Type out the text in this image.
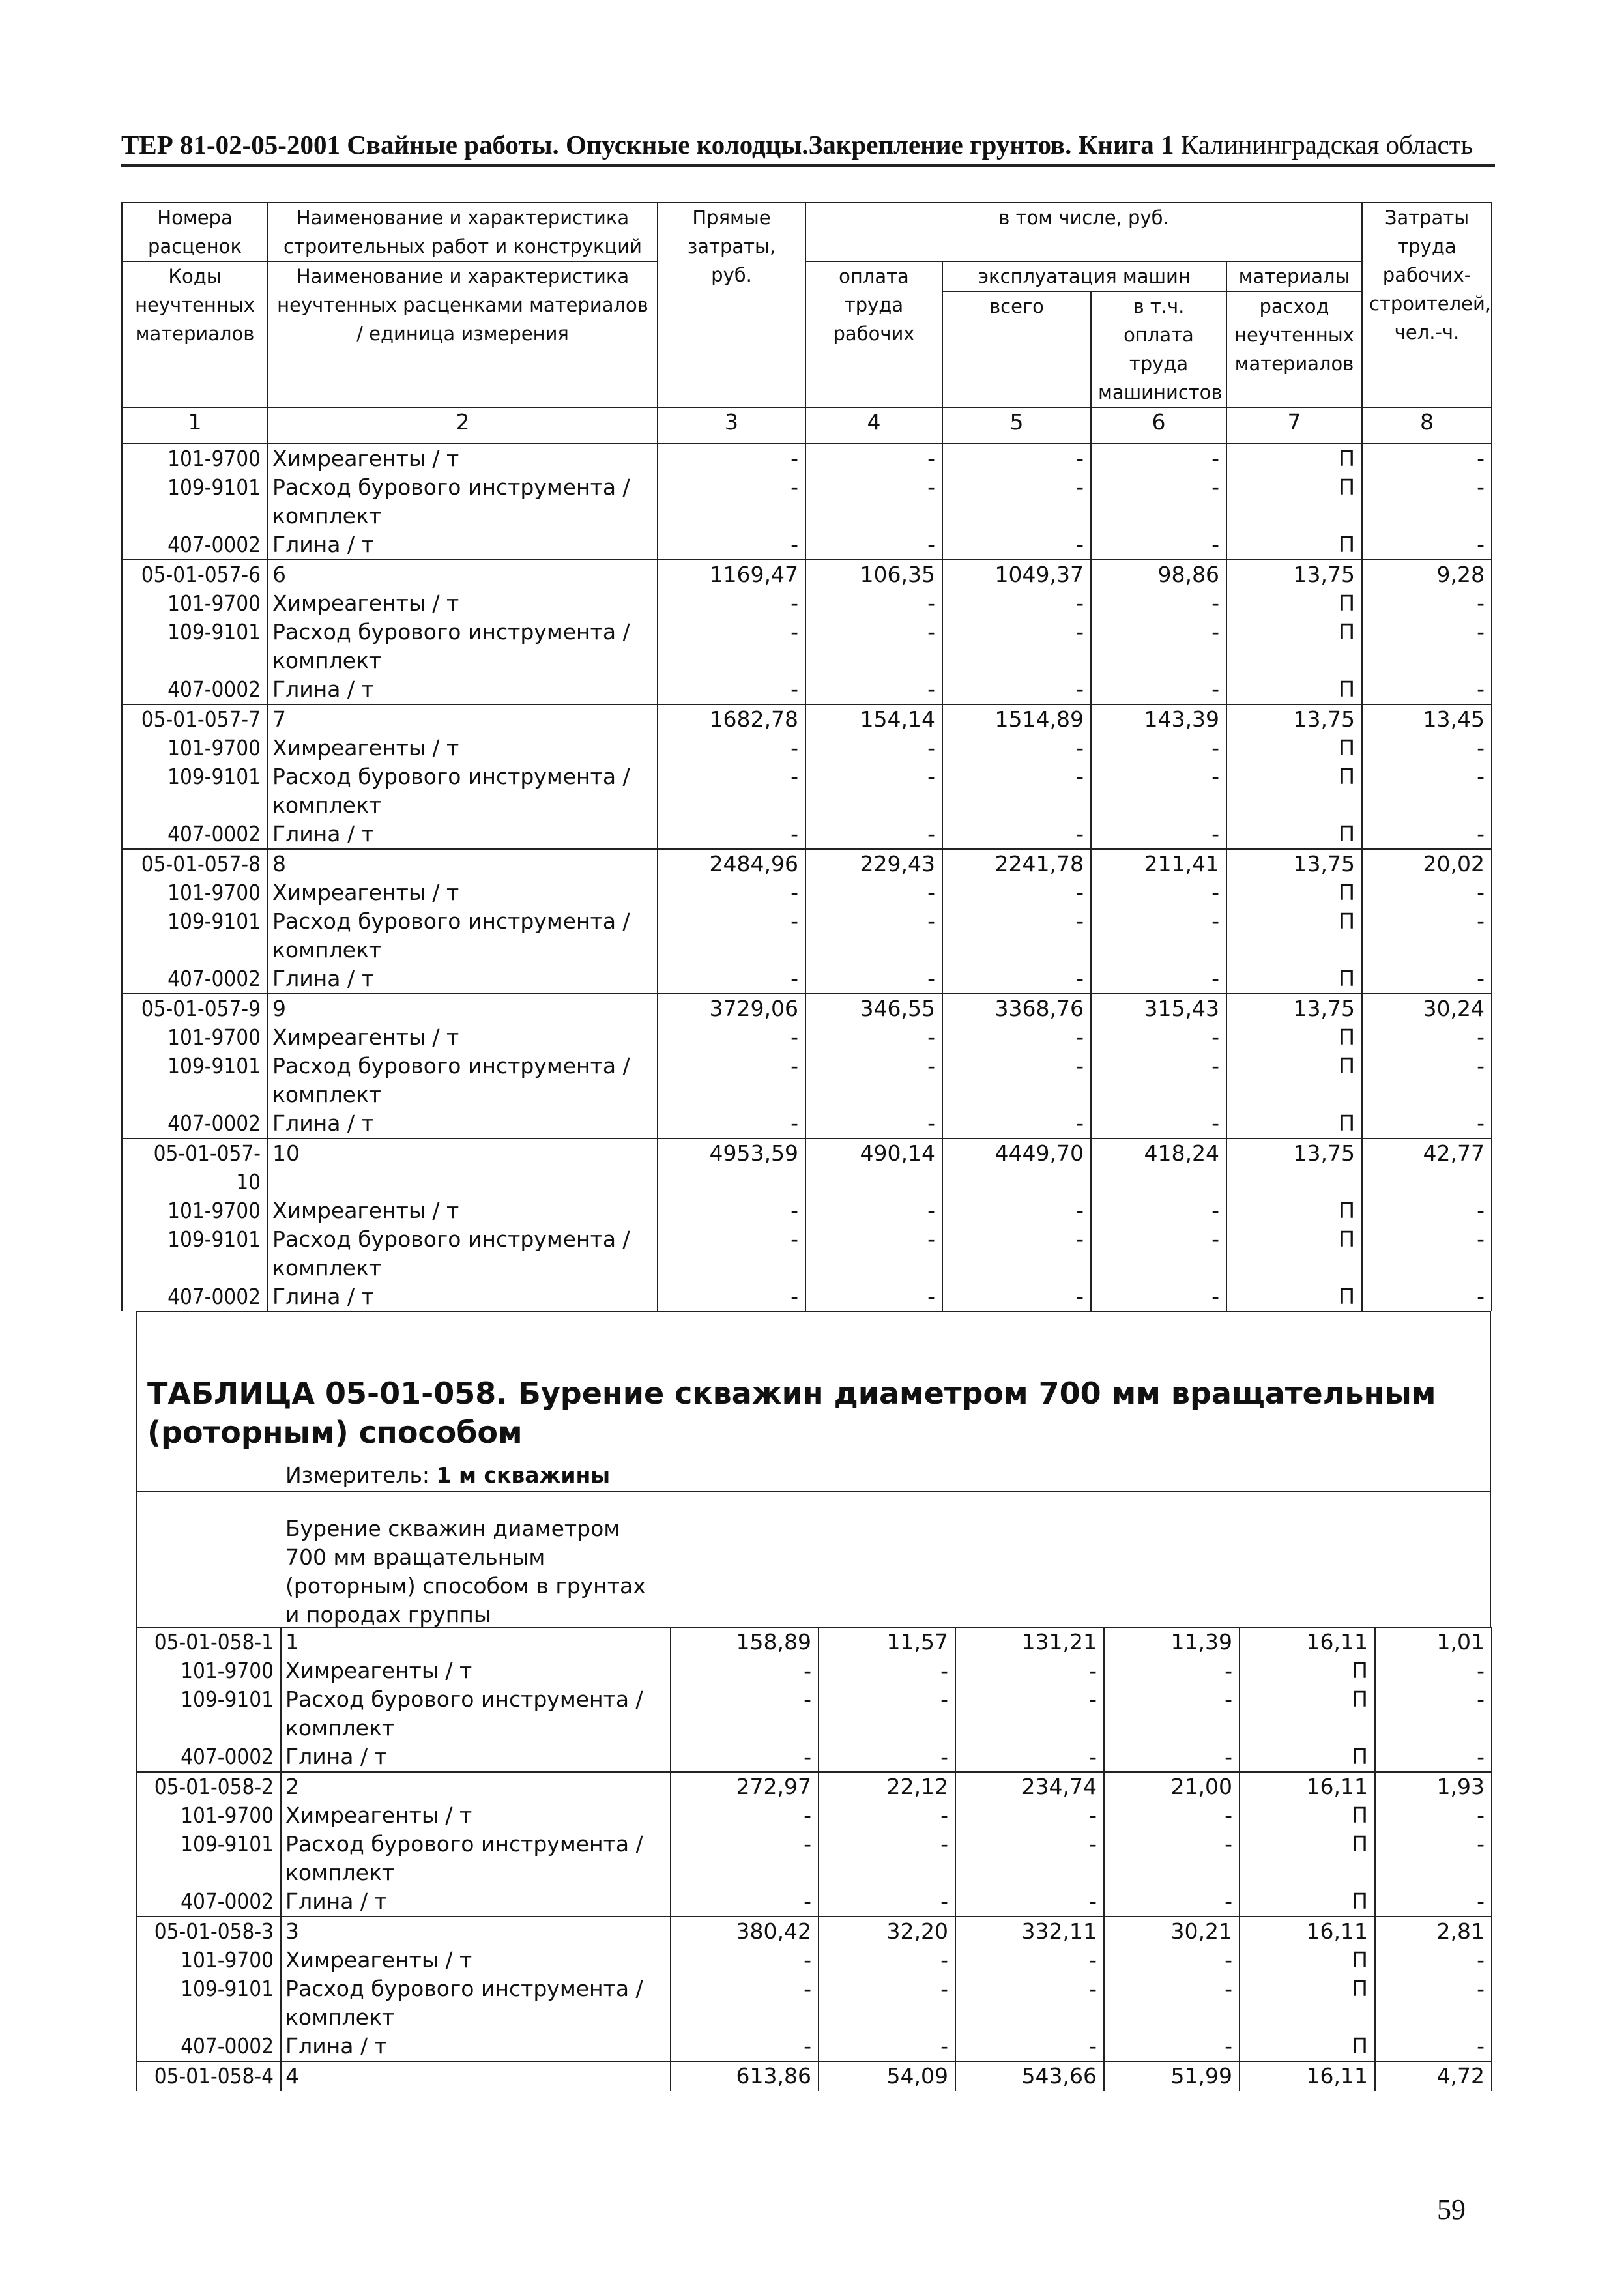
ТЕР 81-02-05-2001 Свайные работы. Опускные колодцы.Закрепление грунтов. Книга 1 Калининградская область
Номера расценок	Наименование и характеристика строительных работ и конструкций	Прямые затраты, руб.	в том числе, руб.				Затраты труда рабочих-строителей, чел.-ч.
Коды неучтенных материалов	Наименование и характеристика неучтенных расценками материалов / единица измерения		оплата труда рабочих	эксплуатация машин		материалы	
				всего	в т.ч. оплата труда машинистов	расход неучтенных материалов	
1	2	3	4	5	6	7	8
101-9700	Химреагенты / т	-	-	-	-	П	-
109-9101	Расход бурового инструмента / комплект	-	-	-	-	П	-
407-0002	Глина / т	-	-	-	-	П	-
05-01-057-6	6	1169,47	106,35	1049,37	98,86	13,75	9,28
101-9700	Химреагенты / т	-	-	-	-	П	-
109-9101	Расход бурового инструмента / комплект	-	-	-	-	П	-
407-0002	Глина / т	-	-	-	-	П	-
05-01-057-7	7	1682,78	154,14	1514,89	143,39	13,75	13,45
101-9700	Химреагенты / т	-	-	-	-	П	-
109-9101	Расход бурового инструмента / комплект	-	-	-	-	П	-
407-0002	Глина / т	-	-	-	-	П	-
05-01-057-8	8	2484,96	229,43	2241,78	211,41	13,75	20,02
101-9700	Химреагенты / т	-	-	-	-	П	-
109-9101	Расход бурового инструмента / комплект	-	-	-	-	П	-
407-0002	Глина / т	-	-	-	-	П	-
05-01-057-9	9	3729,06	346,55	3368,76	315,43	13,75	30,24
101-9700	Химреагенты / т	-	-	-	-	П	-
109-9101	Расход бурового инструмента / комплект	-	-	-	-	П	-
407-0002	Глина / т	-	-	-	-	П	-
05-01-057-10	10	4953,59	490,14	4449,70	418,24	13,75	42,77
101-9700	Химреагенты / т	-	-	-	-	П	-
109-9101	Расход бурового инструмента / комплект	-	-	-	-	П	-
407-0002	Глина / т	-	-	-	-	П	-
ТАБЛИЦА 05-01-058. Бурение скважин диаметром 700 мм вращательным (роторным) способом
Измеритель: 1 м скважины
Бурение скважин диаметром 700 мм вращательным (роторным) способом в грунтах и породах группы
05-01-058-1	1	158,89	11,57	131,21	11,39	16,11	1,01
101-9700	Химреагенты / т	-	-	-	-	П	-
109-9101	Расход бурового инструмента / комплект	-	-	-	-	П	-
407-0002	Глина / т	-	-	-	-	П	-
05-01-058-2	2	272,97	22,12	234,74	21,00	16,11	1,93
101-9700	Химреагенты / т	-	-	-	-	П	-
109-9101	Расход бурового инструмента / комплект	-	-	-	-	П	-
407-0002	Глина / т	-	-	-	-	П	-
05-01-058-3	3	380,42	32,20	332,11	30,21	16,11	2,81
101-9700	Химреагенты / т	-	-	-	-	П	-
109-9101	Расход бурового инструмента / комплект	-	-	-	-	П	-
407-0002	Глина / т	-	-	-	-	П	-
05-01-058-4	4	613,86	54,09	543,66	51,99	16,11	4,72
59
